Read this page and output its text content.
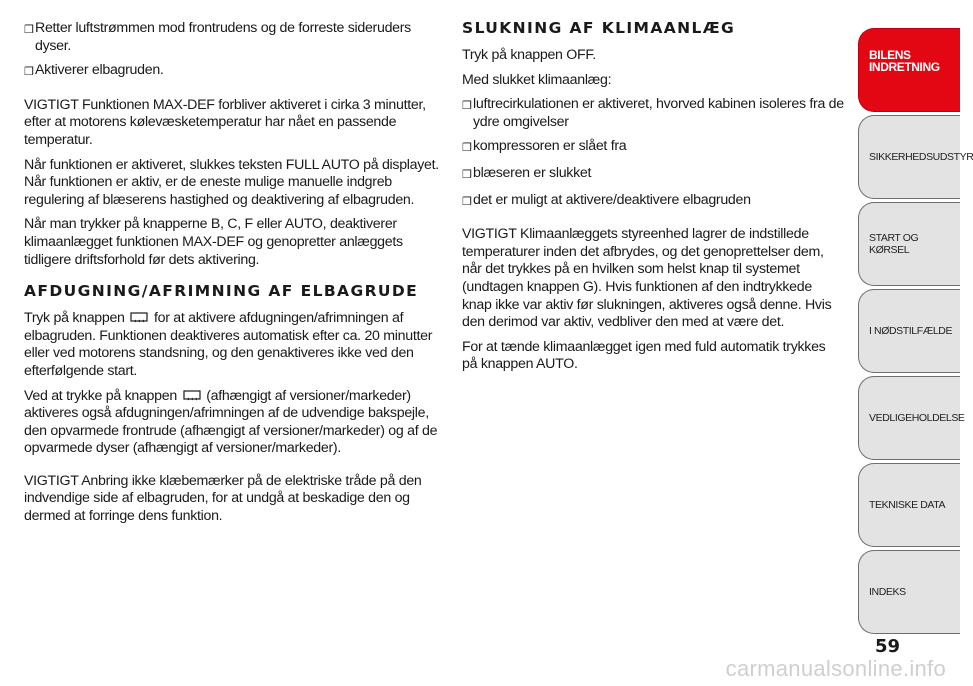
❒ Retter luftstrømmen mod frontrudens og de forreste sideruders dyser.
❒ Aktiverer elbagruden.

VIGTIGT Funktionen MAX-DEF forbliver aktiveret i cirka 3 minutter, efter at motorens kølevæsketemperatur har nået en passende temperatur.

Når funktionen er aktiveret, slukkes teksten FULL AUTO på displayet. Når funktionen er aktiv, er de eneste mulige manuelle indgreb regulering af blæserens hastighed og deaktivering af elbagruden.

Når man trykker på knapperne B, C, F eller AUTO, deaktiverer klimaanlægget funktionen MAX-DEF og genopretter anlæggets tidligere driftsforhold før dets aktivering.

AFDUGNING/AFRIMNING AF ELBAGRUDE

Tryk på knappen for at aktivere afdugningen/afrimningen af elbagruden. Funktionen deaktiveres automatisk efter ca. 20 minutter eller ved motorens standsning, og den genaktiveres ikke ved den efterfølgende start.

Ved at trykke på knappen (afhængigt af versioner/markeder) aktiveres også afdugningen/afrimningen af de udvendige bakspejle, den opvarmede frontrude (afhængigt af versioner/markeder) og af de opvarmede dyser (afhængigt af versioner/markeder).

VIGTIGT Anbring ikke klæbemærker på de elektriske tråde på den indvendige side af elbagruden, for at undgå at beskadige den og dermed at forringe dens funktion.

SLUKNING AF KLIMAANLÆG

Tryk på knappen OFF.

Med slukket klimaanlæg:

❒ luftrecirkulationen er aktiveret, hvorved kabinen isoleres fra de ydre omgivelser
❒ kompressoren er slået fra
❒ blæseren er slukket
❒ det er muligt at aktivere/deaktivere elbagruden

VIGTIGT Klimaanlæggets styreenhed lagrer de indstillede temperaturer inden det afbrydes, og det genoprettelser dem, når det trykkes på en hvilken som helst knap til systemet (undtagen knappen G). Hvis funktionen af den indtrykkede knap ikke var aktiv før slukningen, aktiveres også denne. Hvis den derimod var aktiv, vedbliver den med at være det.

For at tænde klimaanlægget igen med fuld automatik trykkes på knappen AUTO.

BILENS INDRETNING
SIKKERHEDSUDSTYR
START OG KØRSEL
I NØDSTILFÆLDE
VEDLIGEHOLDELSE
TEKNISKE DATA
INDEKS
59
carmanualsonline.info
